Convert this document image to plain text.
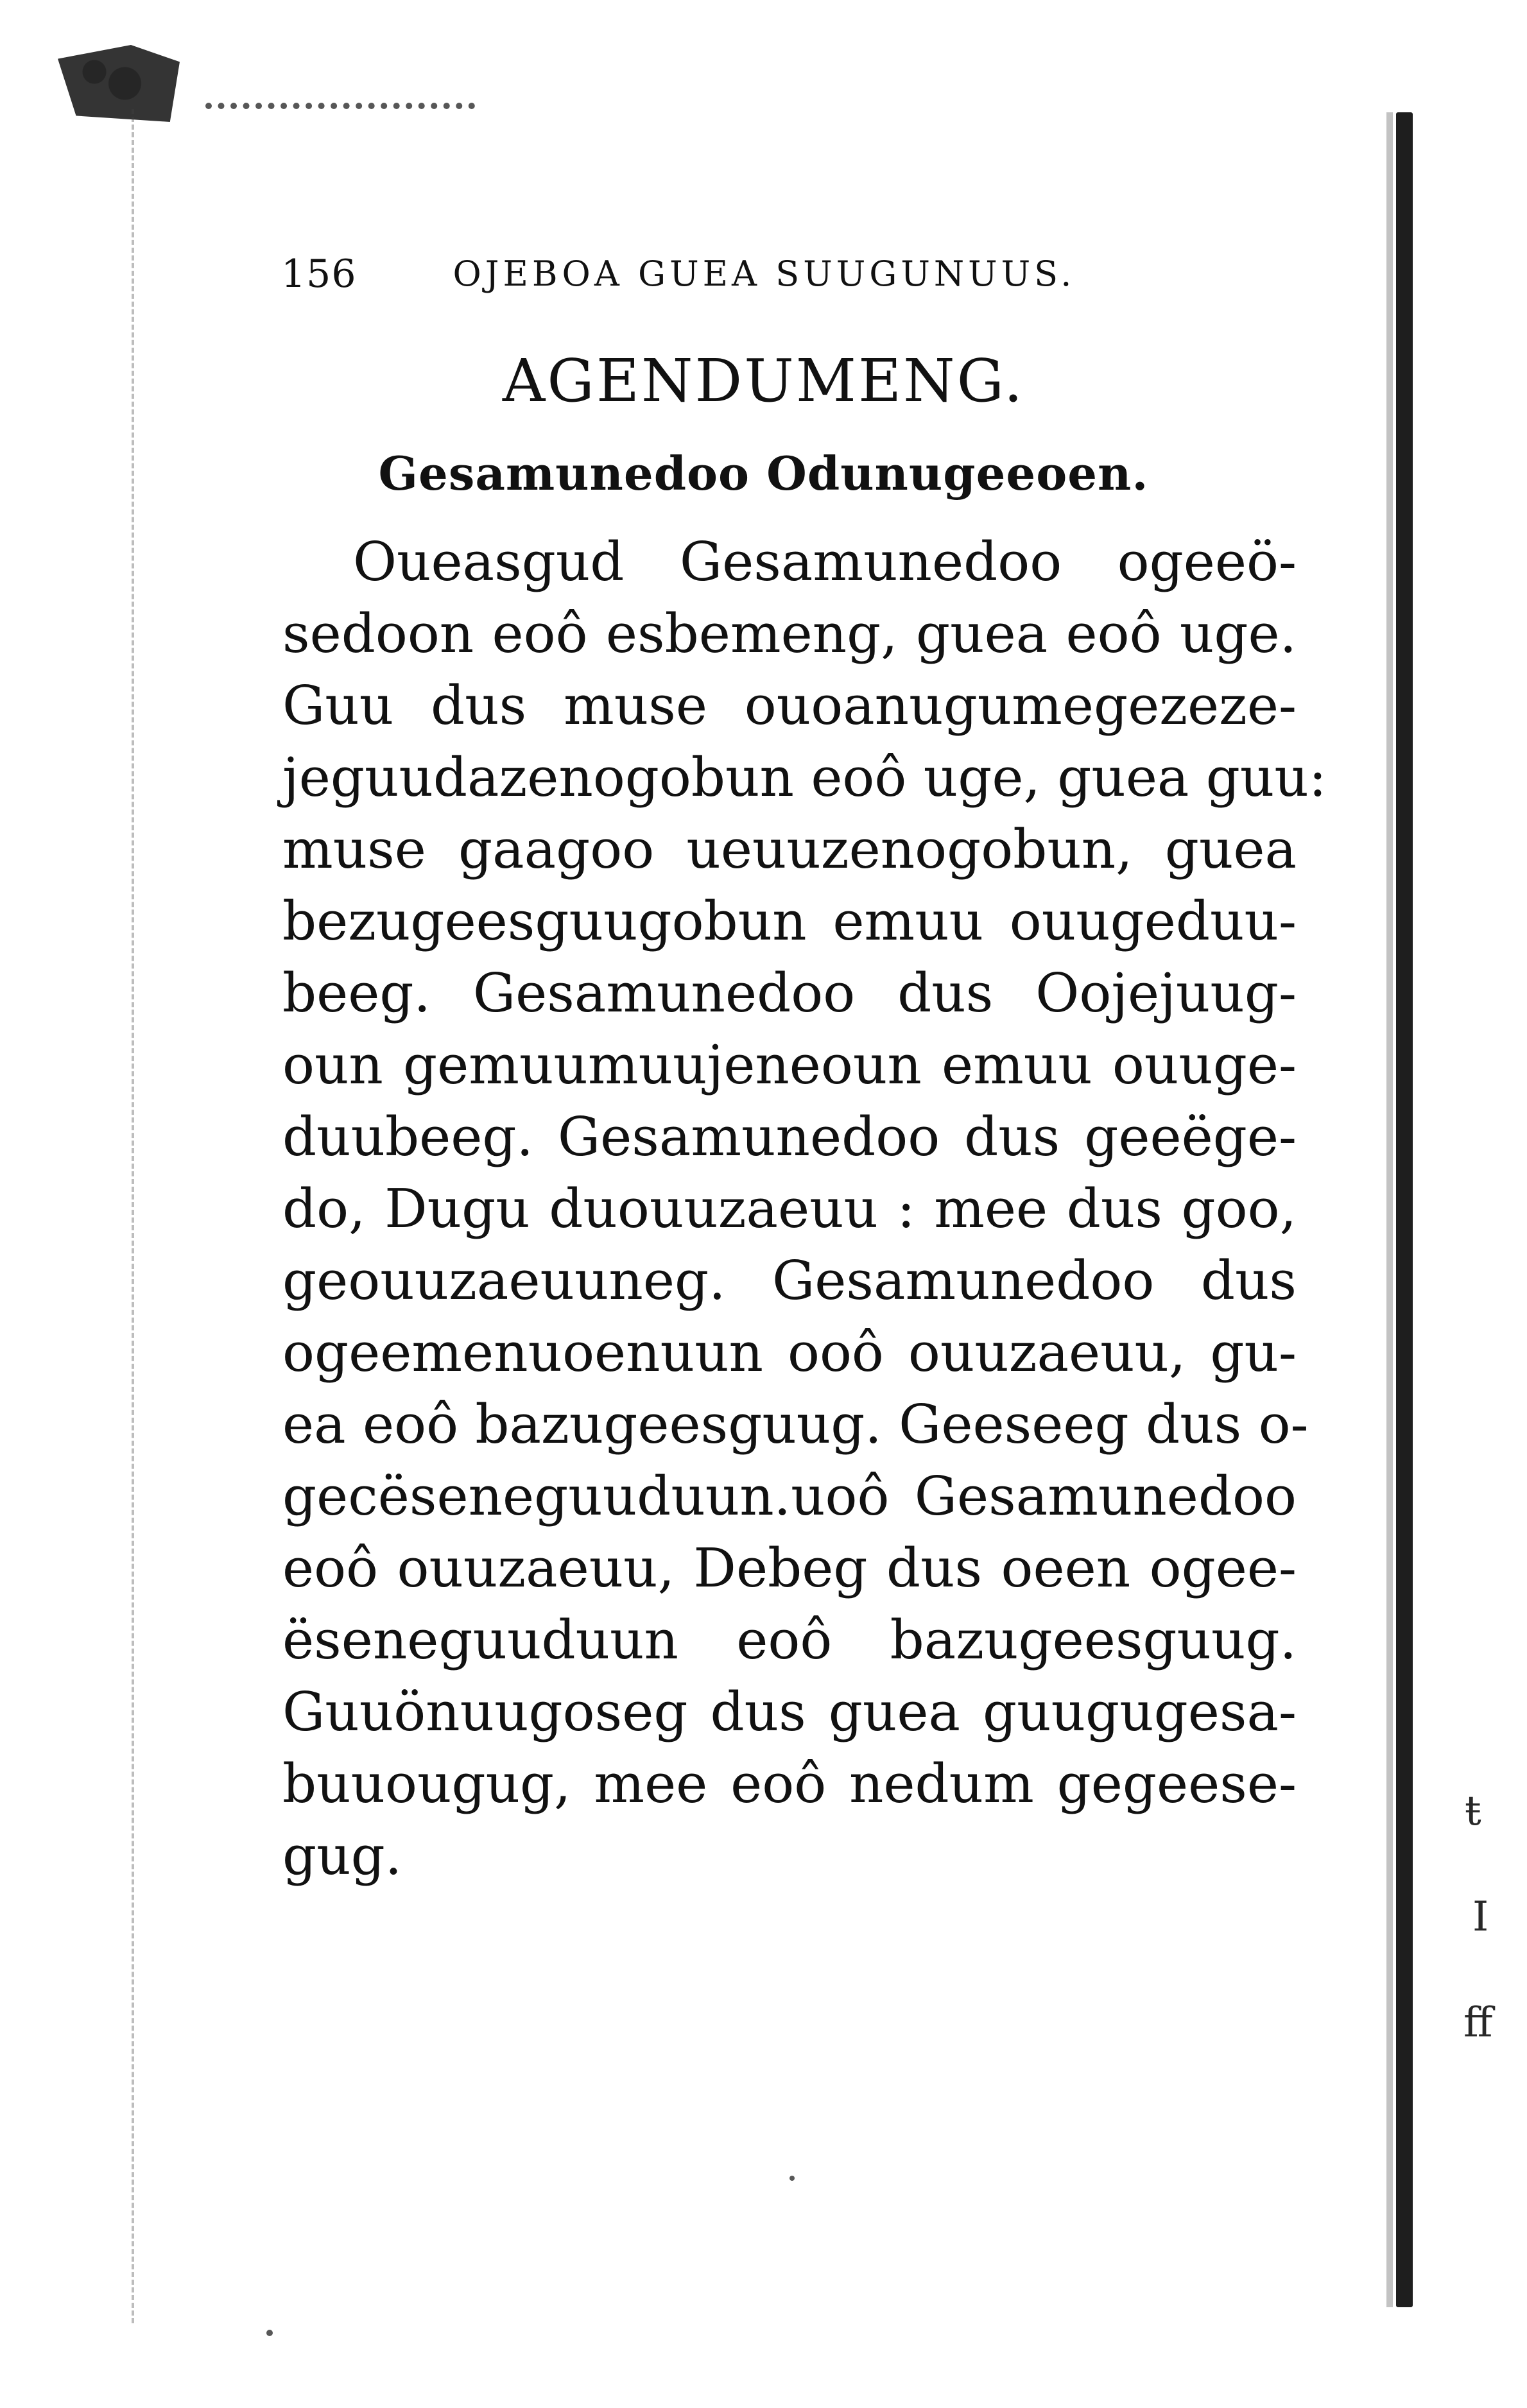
156	OJEBOA GUEA SUUGUNUUS.
AGENDUMENG.
Gesamunedoo Odunugeeoen.
Oueasgud Gesamunedoo ogeeö-
sedoon eoô esbemeng, guea eoô uge.
Guu dus muse ouoanugumegezeze-
jeguudazenogobun eoô uge, guea guu:
muse gaagoo ueuuzenogobun, guea
bezugeesguugobun emuu ouugeduu-
beeg. Gesamunedoo dus Oojejuug-
oun gemuumuujeneoun emuu ouuge-
duubeeg. Gesamunedoo dus geeëge-
do, Dugu duouuzaeuu : mee dus goo,
geouuzaeuuneg. Gesamunedoo dus
ogeemenuoenuun ooô ouuzaeuu, gu-
ea eoô bazugeesguug. Geeseeg dus o-
gecëseneguuduun.uoô Gesamunedoo
eoô ouuzaeuu, Debeg dus oeen ogee-
ëseneguuduun eoô bazugeesguug.
Guuönuugoseg dus guea guugugesa-
buuougug, mee eoô nedum gegeese-
gug.
ŧ
I
ff
